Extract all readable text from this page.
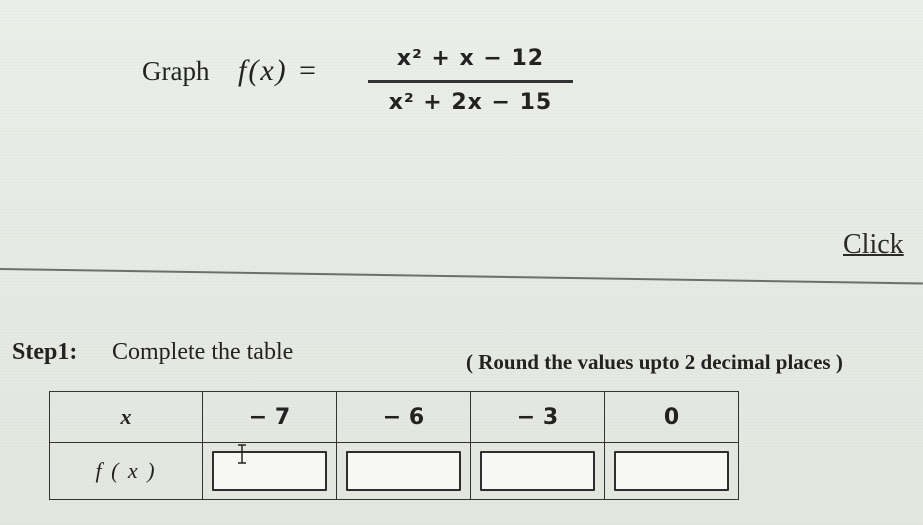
Graph f(x) =	x² + x − 12
x² + 2x − 15
Click
Step1: Complete the table	( Round the values upto 2 decimal places )
x	− 7	− 6	− 3	0
f ( x )				
